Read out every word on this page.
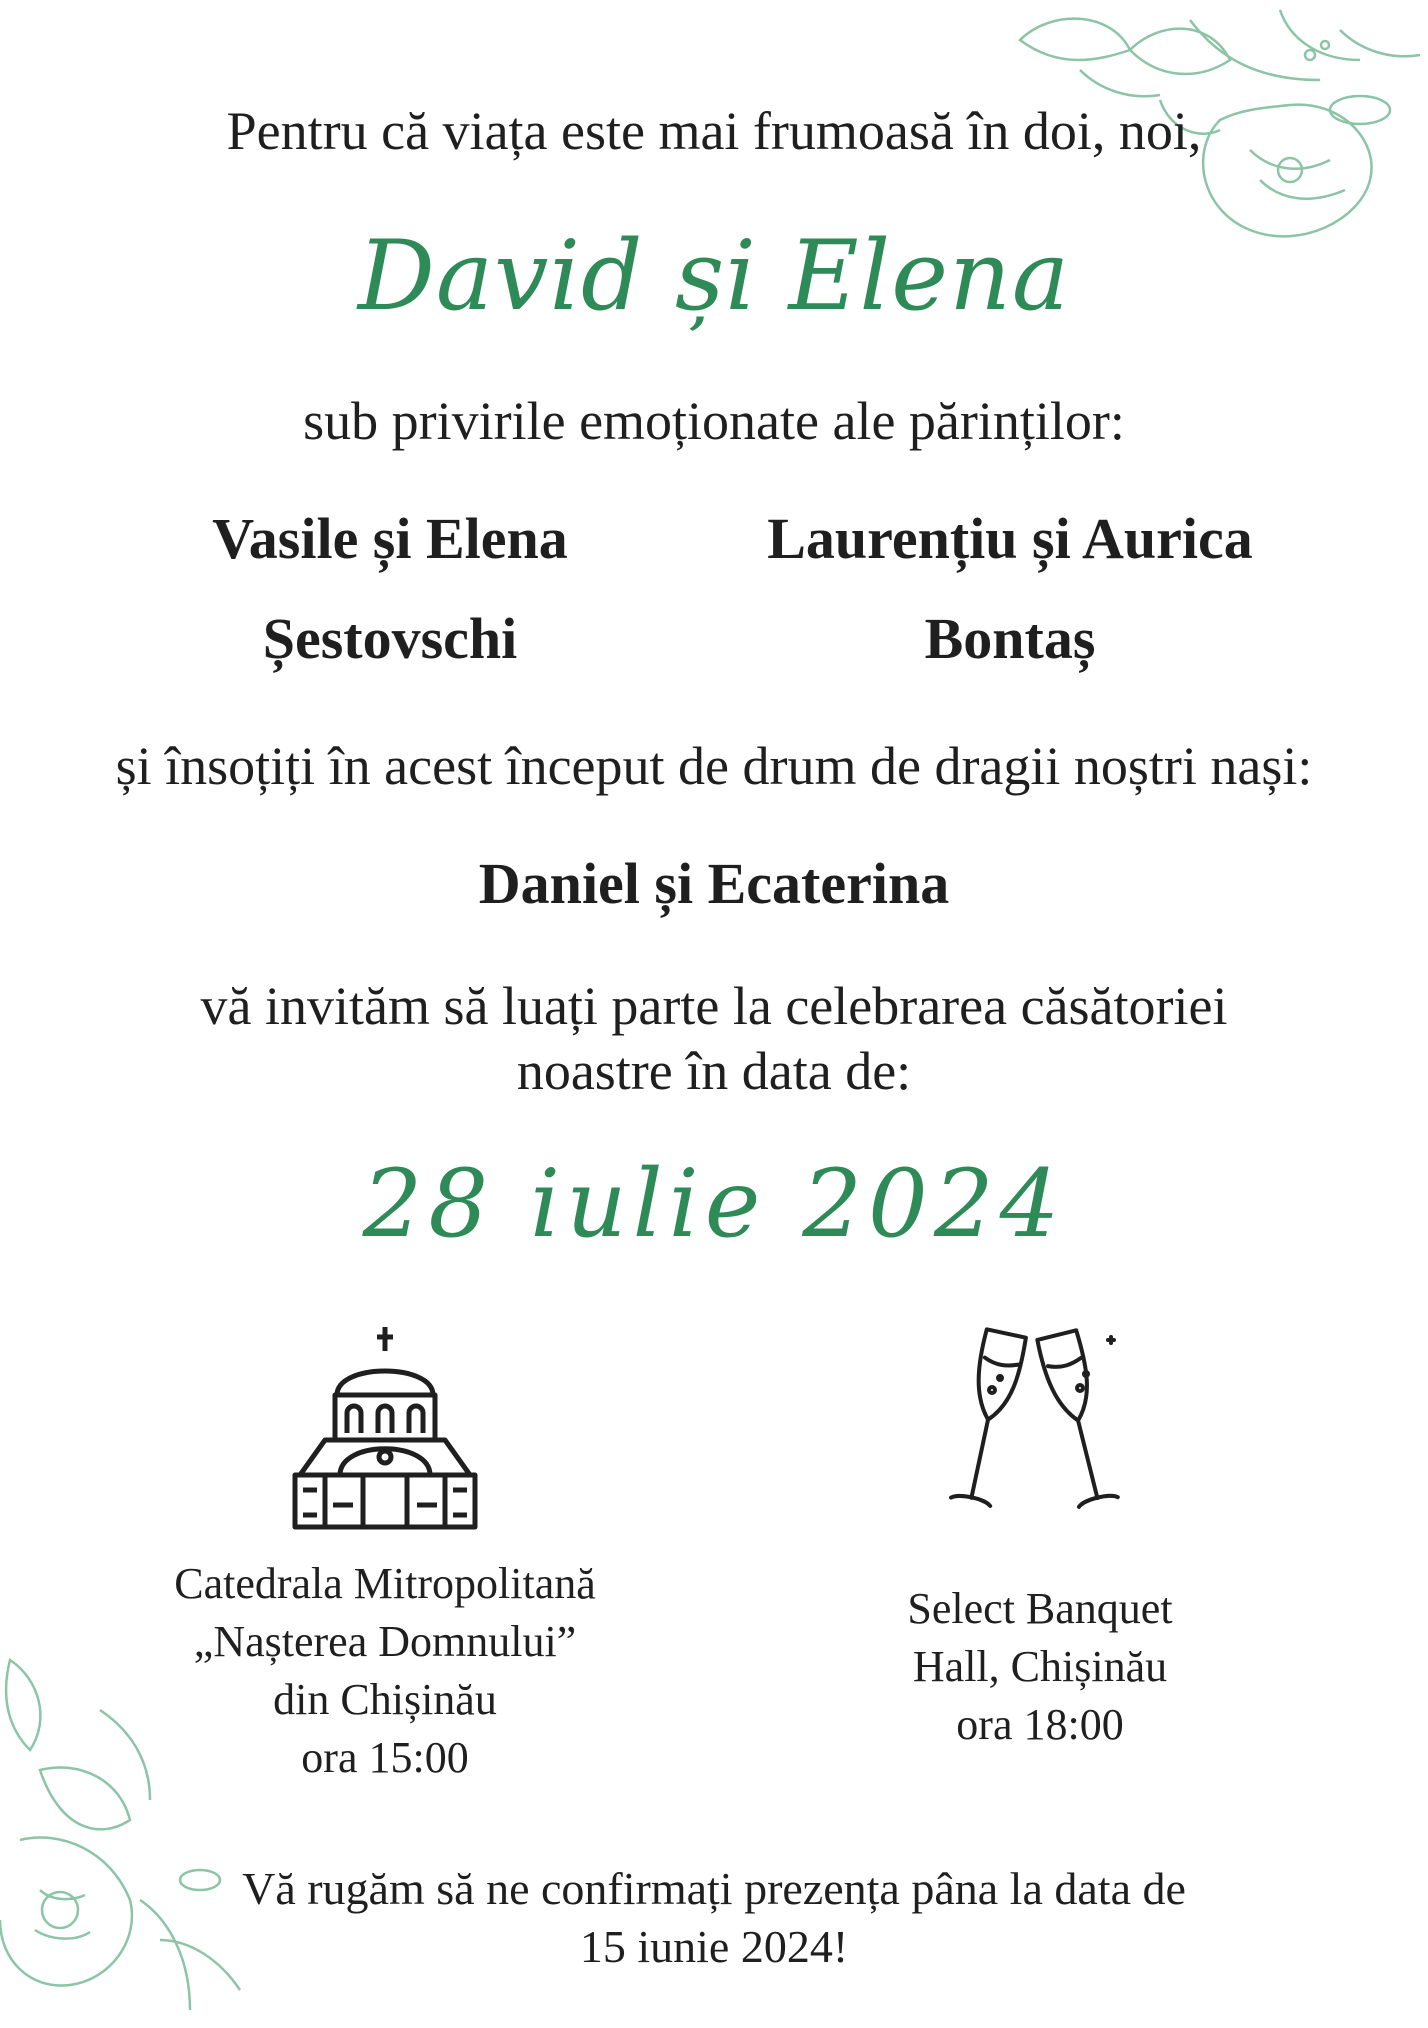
Pentru că viața este mai frumoasă în doi, noi,
David și Elena
sub privirile emoționate ale părinților:
Vasile și Elena
Șestovschi
Laurențiu și Aurica
Bontaș
și însoțiți în acest început de drum de dragii noștri nași:
Daniel și Ecaterina
vă invităm să luați parte la celebrarea căsătoriei
noastre în data de:
28 iulie 2024
Catedrala Mitropolitană
„Nașterea Domnului”
din Chișinău
ora 15:00
Select Banquet
Hall, Chișinău
ora 18:00
Vă rugăm să ne confirmați prezența pâna la data de
15 iunie 2024!
